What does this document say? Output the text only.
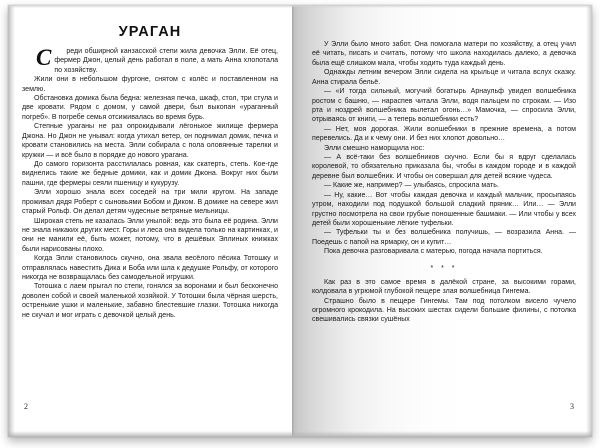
УРАГАН

С реди обширной канзасской степи жила девочка Элли. Её отец, фермер Джон, целый день работал в поле, а мать Анна хлопотала по хозяйству.

Жили они в небольшом фургоне, снятом с колёс и поставленном на землю.

Обстановка домика была бедна: железная печка, шкаф, стол, три стула и две кровати. Рядом с домом, у самой двери, был выкопан «ураганный погреб». В погребе семья отсиживалась во время бурь.

Степные ураганы не раз опрокидывали лёгонькое жилище фермера Джона. Но Джон не унывал: когда утихал ветер, он поднимал домик, печка и кровати становились на места. Элли собирала с пола оловянные тарелки и кружки — и всё было в порядке до нового урагана.

До самого горизонта расстилалась ровная, как скатерть, степь. Кое-где виднелись такие же бедные домики, как и домик Джона. Вокруг них были пашни, где фермеры сеяли пшеницу и кукурузу.

Элли хорошо знала всех соседей на три мили кругом. На западе проживал дядя Роберт с сыновьями Бобом и Диком. В домике на севере жил старый Рольф. Он делал детям чудесные ветряные мельницы.

Широкая степь не казалась Элли унылой: ведь это была её родина. Элли не знала никаких других мест. Горы и леса она видела только на картинках, и они не манили её, быть может, потому, что в дешёвых Эллиных книжках были нарисованы плохо.

Когда Элли становилось скучно, она звала весёлого пёсика Тотошку и отправлялась навестить Дика и Боба или шла к дедушке Рольфу, от которого никогда не возвращалась без самодельной игрушки.

Тотошка с лаем прыгал по степи, гонялся за воронами и был бесконечно доволен собой и своей маленькой хозяйкой. У Тотошки была чёрная шерсть, остренькие ушки и маленькие, забавно блестевшие глазки. Тотошка никогда не скучал и мог играть с девочкой целый день.

2

У Элли было много забот. Она помогала матери по хозяйству, а отец учил её читать, писать и считать, потому что школа находилась далеко, а девочка была ещё слишком мала, чтобы ходить туда каждый день.

Однажды летним вечером Элли сидела на крыльце и читала вслух сказку. Анна стирала бельё.

— «И тогда сильный, могучий богатырь Арнаульф увидел волшебника ростом с башню, — нараспев читала Элли, водя пальцем по строкам. — Изо рта и ноздрей волшебника вылетал огонь…» Мамочка, — спросила Элли, отрываясь от книги, — а теперь волшебники есть?

— Нет, моя дорогая. Жили волшебники в прежние времена, а потом перевелись. Да и к чему они. И без них хлопот довольно…

Элли смешно наморщила нос:

— А всё-таки без волшебников скучно. Если бы я вдруг сделалась королевой, то обязательно приказала бы, чтобы в каждом городе и в каждой деревне был волшебник. И чтобы он совершал для детей всякие чудеса.

— Какие же, например? — улыбаясь, спросила мать.

— Ну, какие… Вот чтобы каждая девочка и каждый мальчик, просыпаясь утром, находили под подушкой большой сладкий пряник… Или… — Элли грустно посмотрела на свои грубые поношенные башмаки. — Или чтобы у всех детей были хорошенькие лёгкие туфельки.

— Туфельки ты и без волшебника получишь, — возразила Анна. — Поедешь с папой на ярмарку, он и купит…

Пока девочка разговаривала с матерью, погода начала портиться.

* * *

Как раз в это самое время в далёкой стране, за высокими горами, колдовала в угрюмой глубокой пещере злая волшебница Гингема.

Страшно было в пещере Гингемы. Там под потолком висело чучело огромного крокодила. На высоких шестах сидели большие филины, с потолка свешивались связки сушёных

3
